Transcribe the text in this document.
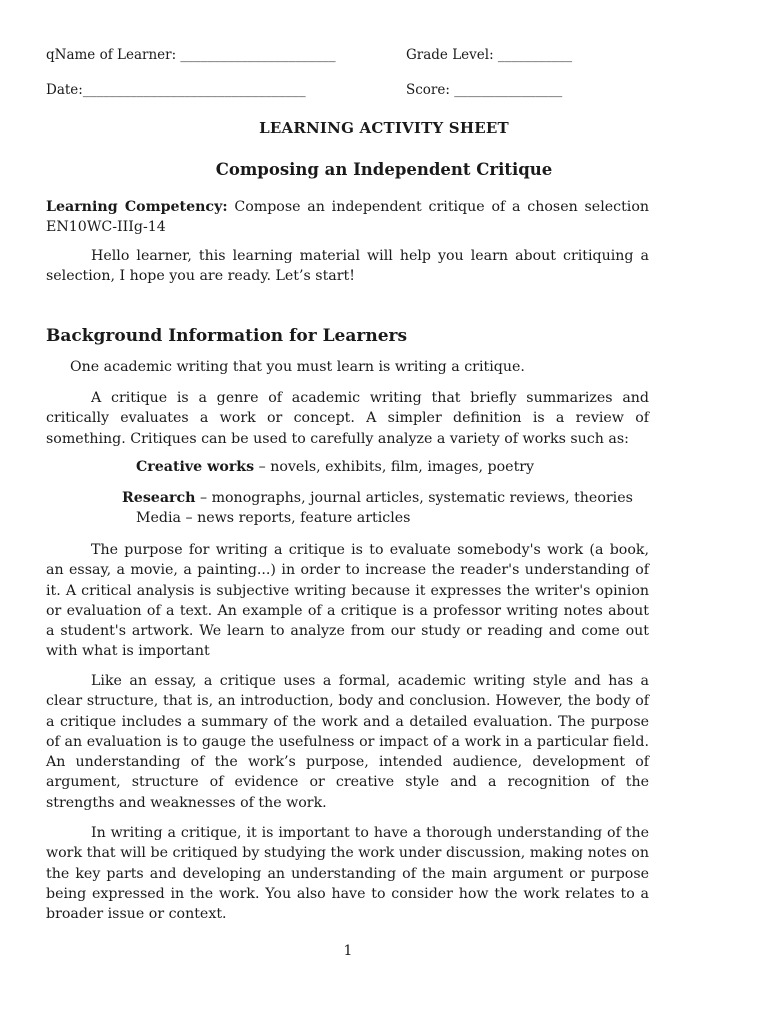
qName of Learner: _______________________	Grade Level: ___________
Date:_________________________________	Score: ________________
LEARNING ACTIVITY SHEET
Composing an Independent Critique
Learning Competency: Compose an independent critique of a chosen selection EN10WC-IIIg-14
Hello learner, this learning material will help you learn about critiquing a selection, I hope you are ready. Let’s start!
Background Information for Learners
One academic writing that you must learn is writing a critique.
A critique is a genre of academic writing that briefly summarizes and critically evaluates a work or concept. A simpler definition is a review of something. Critiques can be used to carefully analyze a variety of works such as:
Creative works – novels, exhibits, film, images, poetry
Research – monographs, journal articles, systematic reviews, theories
Media – news reports, feature articles
The purpose for writing a critique is to evaluate somebody's work (a book, an essay, a movie, a painting...) in order to increase the reader's understanding of it. A critical analysis is subjective writing because it expresses the writer's opinion or evaluation of a text. An example of a critique is a professor writing notes about a student's artwork. We learn to analyze from our study or reading and come out with what is important
Like an essay, a critique uses a formal, academic writing style and has a clear structure, that is, an introduction, body and conclusion. However, the body of a critique includes a summary of the work and a detailed evaluation. The purpose of an evaluation is to gauge the usefulness or impact of a work in a particular field. An understanding of the work’s purpose, intended audience, development of argument, structure of evidence or creative style and a recognition of the strengths and weaknesses of the work.
In writing a critique, it is important to have a thorough understanding of the work that will be critiqued by studying the work under discussion, making notes on the key parts and developing an understanding of the main argument or purpose being expressed in the work. You also have to consider how the work relates to a broader issue or context.
1
